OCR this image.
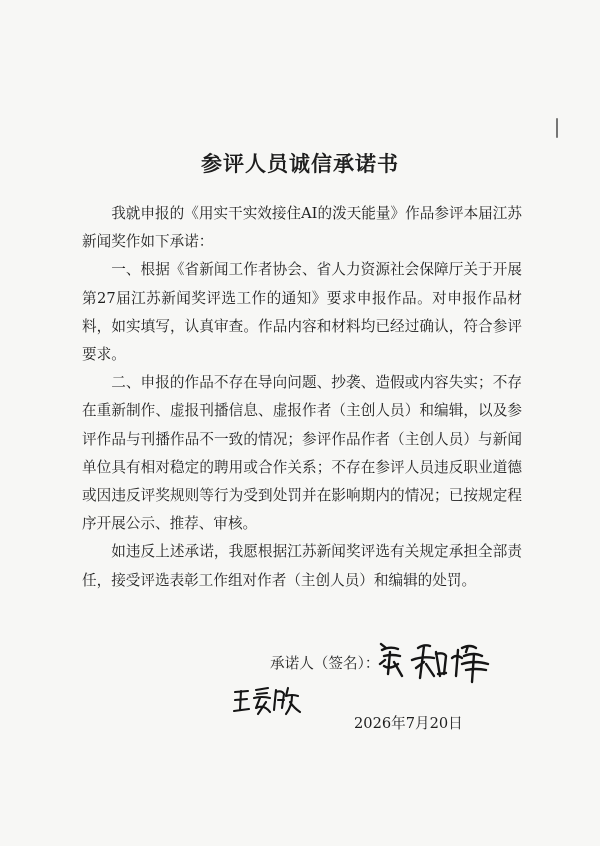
参评人员诚信承诺书

我就申报的《用实干实效接住AI的泼天能量》作品参评本届江苏新闻奖作如下承诺：

一、根据《省新闻工作者协会、省人力资源社会保障厅关于开展第27届江苏新闻奖评选工作的通知》要求申报作品。对申报作品材料，如实填写，认真审查。作品内容和材料均已经过确认，符合参评要求。

二、申报的作品不存在导向问题、抄袭、造假或内容失实；不存在重新制作、虚报刊播信息、虚报作者（主创人员）和编辑，以及参评作品与刊播作品不一致的情况；参评作品作者（主创人员）与新闻单位具有相对稳定的聘用或合作关系；不存在参评人员违反职业道德或因违反评奖规则等行为受到处罚并在影响期内的情况；已按规定程序开展公示、推荐、审核。

如违反上述承诺，我愿根据江苏新闻奖评选有关规定承担全部责任，接受评选表彰工作组对作者（主创人员）和编辑的处罚。

承诺人（签名）：
2026年7月20日
